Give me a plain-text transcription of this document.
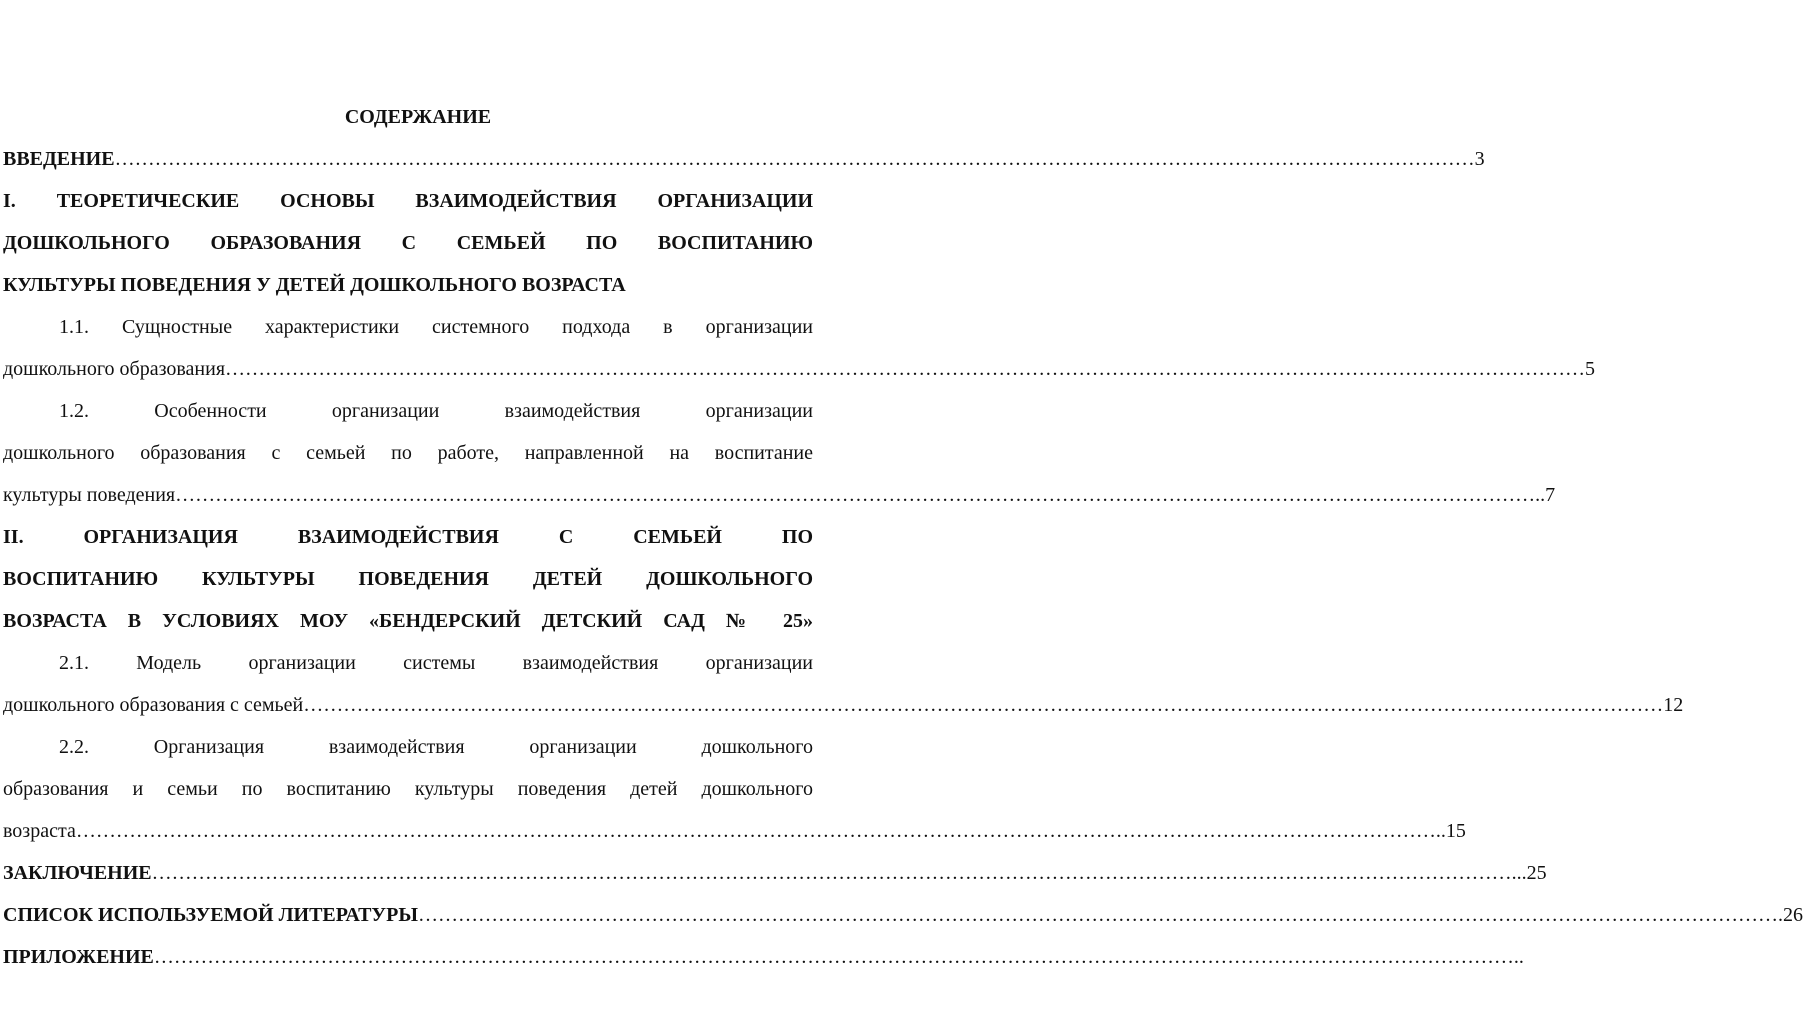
СОДЕРЖАНИЕ
ВВЕДЕНИЕ …………………………………………………………………………………………………………………………………………………………………………………… 3
I. ТЕОРЕТИЧЕСКИЕ ОСНОВЫ ВЗАИМОДЕЙСТВИЯ ОРГАНИЗАЦИИ
ДОШКОЛЬНОГО ОБРАЗОВАНИЯ С СЕМЬЕЙ ПО ВОСПИТАНИЮ
КУЛЬТУРЫ ПОВЕДЕНИЯ У ДЕТЕЙ ДОШКОЛЬНОГО ВОЗРАСТА
1.1. Сущностные характеристики системного подхода в организации
дошкольного образования …………………………………………………………………………………………………………………………………………………………………………………… 5
1.2. Особенности организации взаимодействия организации
дошкольного образования с семьей по работе, направленной на воспитание
культуры поведения …………………………………………………………………………………………………………………………………………………………………………………… ..7
II. ОРГАНИЗАЦИЯ ВЗАИМОДЕЙСТВИЯ С СЕМЬЕЙ ПО
ВОСПИТАНИЮ КУЛЬТУРЫ ПОВЕДЕНИЯ ДЕТЕЙ ДОШКОЛЬНОГО
ВОЗРАСТА В УСЛОВИЯХ МОУ «БЕНДЕРСКИЙ ДЕТСКИЙ САД № 25»
2.1. Модель организации системы взаимодействия организации
дошкольного образования с семьей …………………………………………………………………………………………………………………………………………………………………………………… 12
2.2. Организация взаимодействия организации дошкольного
образования и семьи по воспитанию культуры поведения детей дошкольного
возраста …………………………………………………………………………………………………………………………………………………………………………………… ..15
ЗАКЛЮЧЕНИЕ …………………………………………………………………………………………………………………………………………………………………………………… ...25
СПИСОК ИСПОЛЬЗУЕМОЙ ЛИТЕРАТУРЫ …………………………………………………………………………………………………………………………………………………………………………………… .26
ПРИЛОЖЕНИЕ …………………………………………………………………………………………………………………………………………………………………………………… ..
